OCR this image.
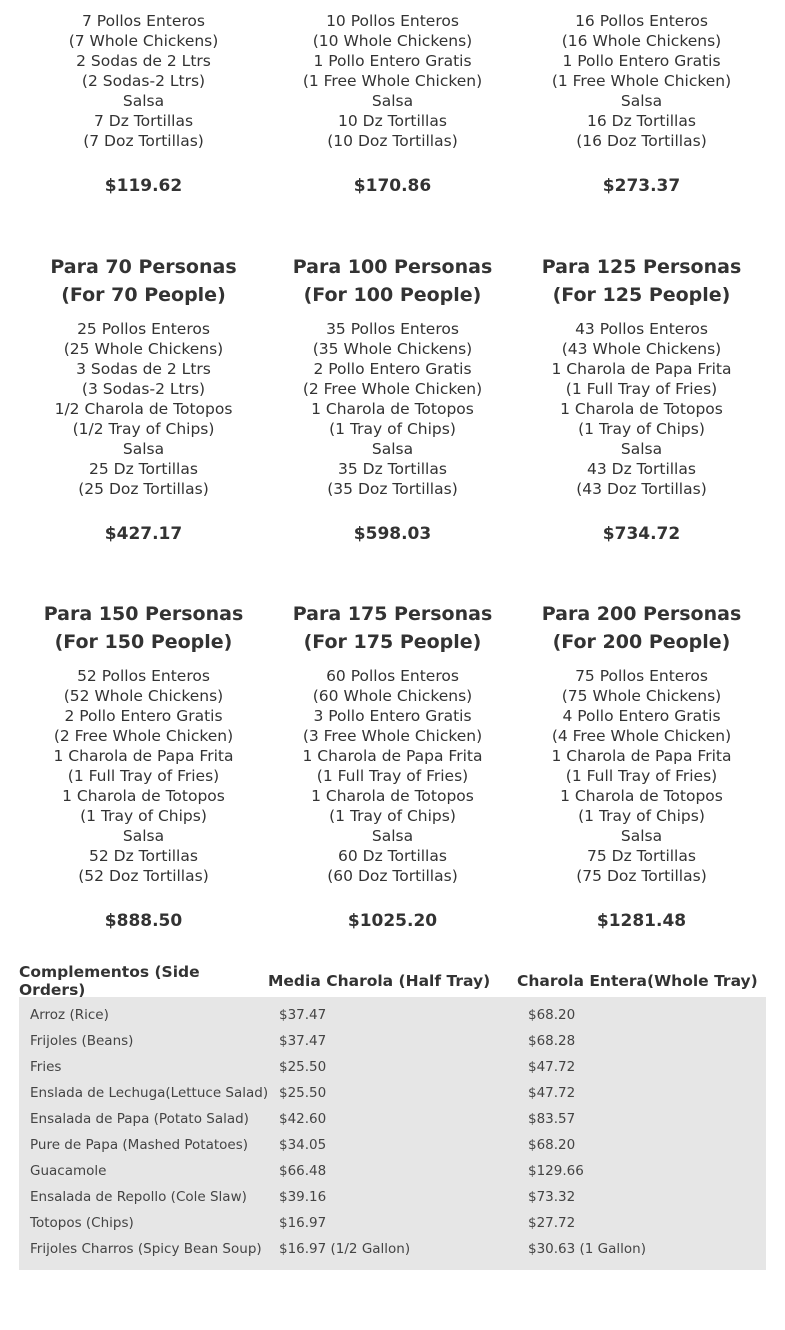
7 Pollos Enteros
(7 Whole Chickens)
2 Sodas de 2 Ltrs
(2 Sodas-2 Ltrs)
Salsa
7 Dz Tortillas
(7 Doz Tortillas)
$119.62
10 Pollos Enteros
(10 Whole Chickens)
1 Pollo Entero Gratis
(1 Free Whole Chicken)
Salsa
10 Dz Tortillas
(10 Doz Tortillas)
$170.86
16 Pollos Enteros
(16 Whole Chickens)
1 Pollo Entero Gratis
(1 Free Whole Chicken)
Salsa
16 Dz Tortillas
(16 Doz Tortillas)
$273.37
Para 70 Personas
(For 70 People)
25 Pollos Enteros
(25 Whole Chickens)
3 Sodas de 2 Ltrs
(3 Sodas-2 Ltrs)
1/2 Charola de Totopos
(1/2 Tray of Chips)
Salsa
25 Dz Tortillas
(25 Doz Tortillas)
$427.17
Para 100 Personas
(For 100 People)
35 Pollos Enteros
(35 Whole Chickens)
2 Pollo Entero Gratis
(2 Free Whole Chicken)
1 Charola de Totopos
(1 Tray of Chips)
Salsa
35 Dz Tortillas
(35 Doz Tortillas)
$598.03
Para 125 Personas
(For 125 People)
43 Pollos Enteros
(43 Whole Chickens)
1 Charola de Papa Frita
(1 Full Tray of Fries)
1 Charola de Totopos
(1 Tray of Chips)
Salsa
43 Dz Tortillas
(43 Doz Tortillas)
$734.72
Para 150 Personas
(For 150 People)
52 Pollos Enteros
(52 Whole Chickens)
2 Pollo Entero Gratis
(2 Free Whole Chicken)
1 Charola de Papa Frita
(1 Full Tray of Fries)
1 Charola de Totopos
(1 Tray of Chips)
Salsa
52 Dz Tortillas
(52 Doz Tortillas)
$888.50
Para 175 Personas
(For 175 People)
60 Pollos Enteros
(60 Whole Chickens)
3 Pollo Entero Gratis
(3 Free Whole Chicken)
1 Charola de Papa Frita
(1 Full Tray of Fries)
1 Charola de Totopos
(1 Tray of Chips)
Salsa
60 Dz Tortillas
(60 Doz Tortillas)
$1025.20
Para 200 Personas
(For 200 People)
75 Pollos Enteros
(75 Whole Chickens)
4 Pollo Entero Gratis
(4 Free Whole Chicken)
1 Charola de Papa Frita
(1 Full Tray of Fries)
1 Charola de Totopos
(1 Tray of Chips)
Salsa
75 Dz Tortillas
(75 Doz Tortillas)
$1281.48
Complementos (Side Orders)	Media Charola (Half Tray)	Charola Entera(Whole Tray)
Arroz (Rice)	$37.47	$68.20
Frijoles (Beans)	$37.47	$68.28
Fries	$25.50	$47.72
Enslada de Lechuga(Lettuce Salad) $25.50	$47.72
Ensalada de Papa (Potato Salad)	$42.60	$83.57
Pure de Papa (Mashed Potatoes)	$34.05	$68.20
Guacamole	$66.48	$129.66
Ensalada de Repollo (Cole Slaw)	$39.16	$73.32
Totopos (Chips)	$16.97	$27.72
Frijoles Charros (Spicy Bean Soup)	$16.97 (1/2 Gallon)	$30.63 (1 Gallon)
